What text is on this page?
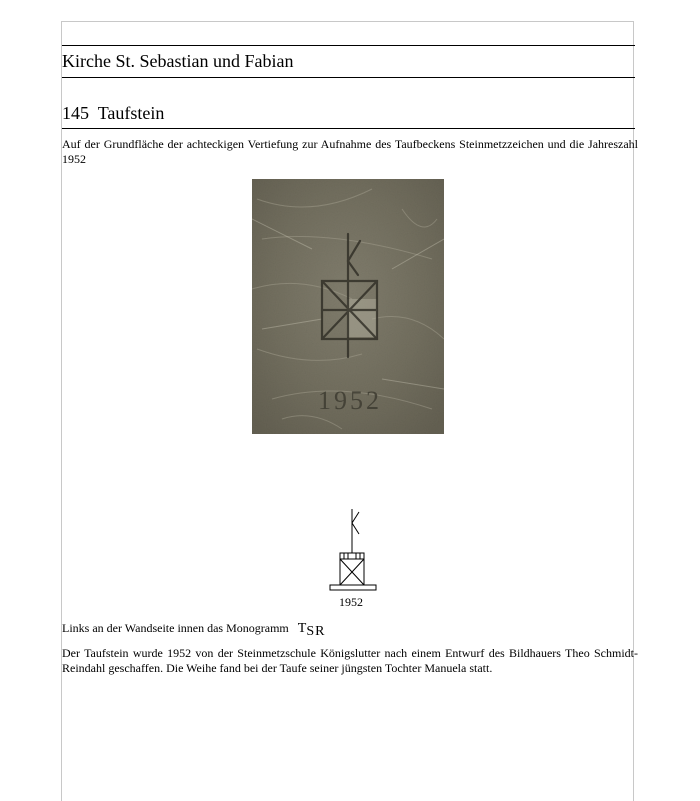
Kirche St. Sebastian und Fabian
145 Taufstein
Auf der Grundfläche der achteckigen Vertiefung zur Aufnahme des Taufbeckens Steinmetzzeichen und die Jahreszahl 1952
1952
1952
Links an der Wandseite innen das Monogramm TSR
Der Taufstein wurde 1952 von der Steinmetzschule Königslutter nach einem Entwurf des Bildhauers Theo Schmidt-Reindahl geschaffen. Die Weihe fand bei der Taufe seiner jüngsten Tochter Manuela statt.
